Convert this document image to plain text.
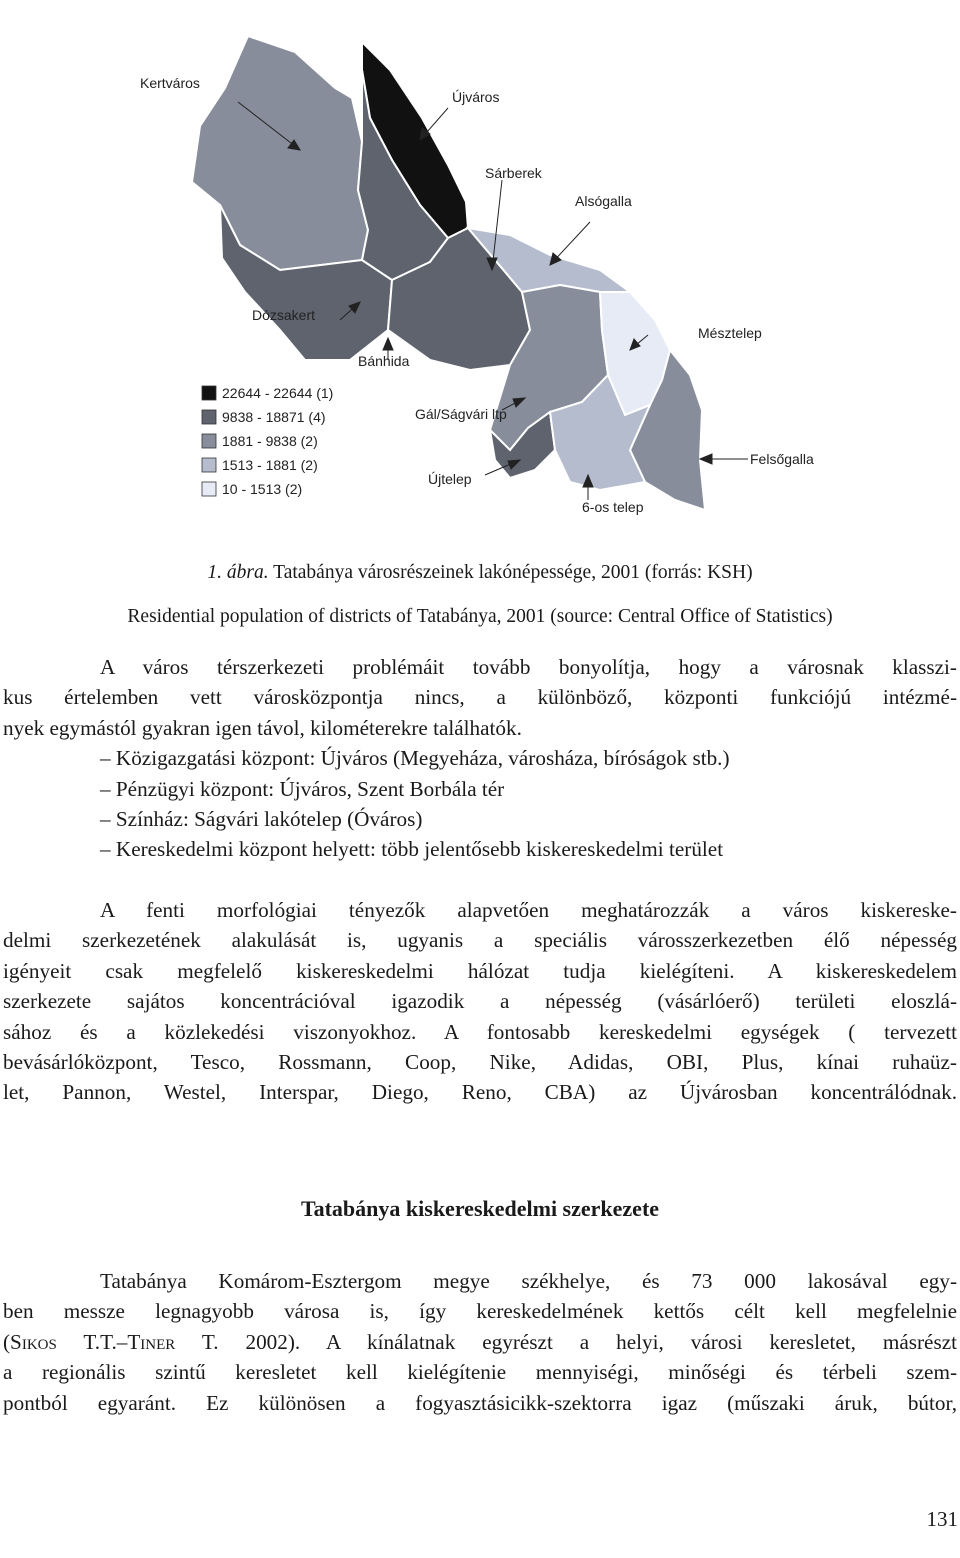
Kertváros
Újváros
Sárberek
Alsógalla
Dózsakert
Bánhida
Mésztelep
Gál/Ságvári ltp
Felsőgalla
Újtelep
6-os telep
22644 - 22644 (1)
9838 - 18871 (4)
1881 - 9838 (2)
1513 - 1881 (2)
10 - 1513 (2)
1. ábra. Tatabánya városrészeinek lakónépessége, 2001 (forrás: KSH)
Residential population of districts of Tatabánya, 2001 (source: Central Office of Statistics)
A város térszerkezeti problémáit tovább bonyolítja, hogy a városnak klasszi-
kus értelemben vett városközpontja nincs, a különböző, központi funkciójú intézmé-
nyek egymástól gyakran igen távol, kilométerekre találhatók.
– Közigazgatási központ: Újváros (Megyeháza, városháza, bíróságok stb.)
– Pénzügyi központ: Újváros, Szent Borbála tér
– Színház: Ságvári lakótelep (Óváros)
– Kereskedelmi központ helyett: több jelentősebb kiskereskedelmi terület
A fenti morfológiai tényezők alapvetően meghatározzák a város kiskereske-
delmi szerkezetének alakulását is, ugyanis a speciális városszerkezetben élő népesség
igényeit csak megfelelő kiskereskedelmi hálózat tudja kielégíteni. A kiskereskedelem
szerkezete sajátos koncentrációval igazodik a népesség (vásárlóerő) területi eloszlá-
sához és a közlekedési viszonyokhoz. A fontosabb kereskedelmi egységek ( tervezett
bevásárlóközpont, Tesco, Rossmann, Coop, Nike, Adidas, OBI, Plus, kínai ruhaüz-
let, Pannon, Westel, Interspar, Diego, Reno, CBA) az Újvárosban koncentrálódnak.
Tatabánya kiskereskedelmi szerkezete
Tatabánya Komárom-Esztergom megye székhelye, és 73 000 lakosával egy-
ben messze legnagyobb városa is, így kereskedelmének kettős célt kell megfelelnie
(Sikos T.T.–Tiner T. 2002). A kínálatnak egyrészt a helyi, városi keresletet, másrészt
a regionális szintű keresletet kell kielégítenie mennyiségi, minőségi és térbeli szem-
pontból egyaránt. Ez különösen a fogyasztásicikk-szektorra igaz (műszaki áruk, bútor,
131
